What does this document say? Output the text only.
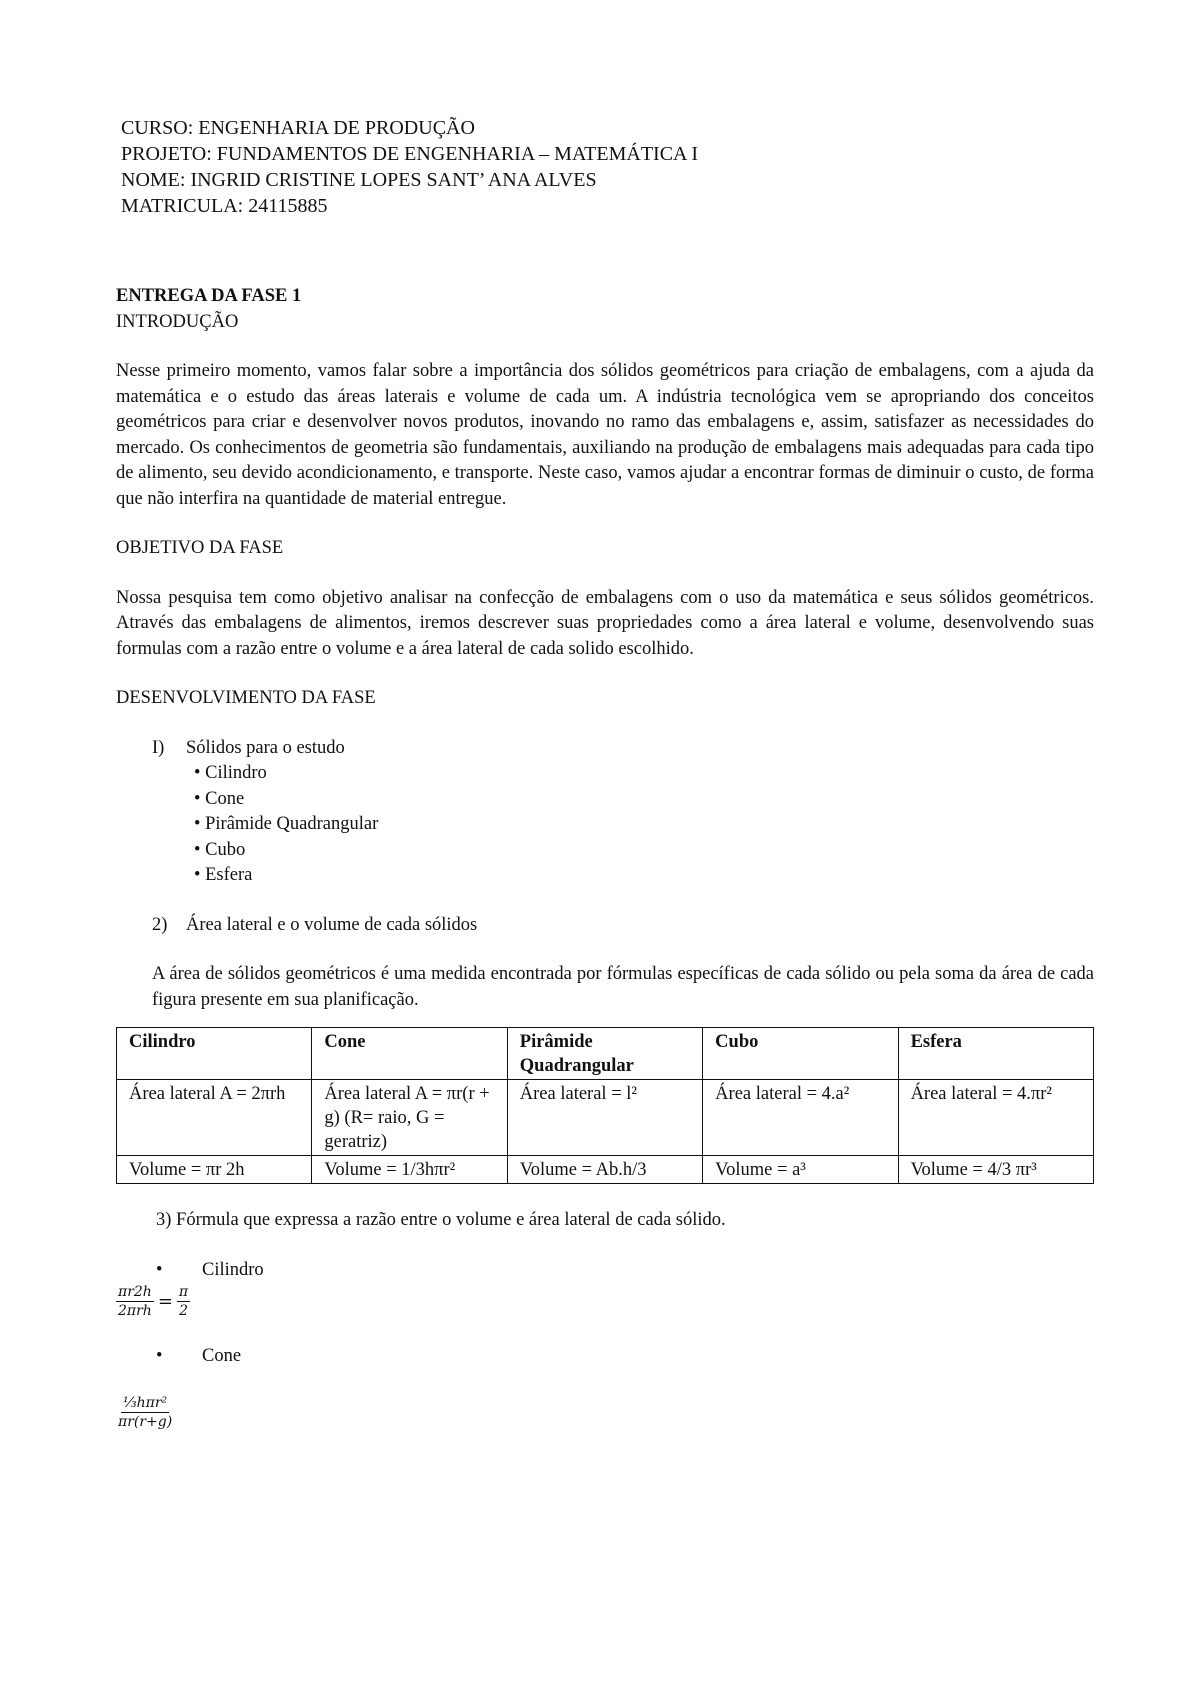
CURSO: ENGENHARIA DE PRODUÇÃO
PROJETO: FUNDAMENTOS DE ENGENHARIA – MATEMÁTICA I
NOME: INGRID CRISTINE LOPES SANT’ ANA ALVES
MATRICULA: 24115885
ENTREGA DA FASE 1
INTRODUÇÃO
Nesse primeiro momento, vamos falar sobre a importância dos sólidos geométricos para criação de embalagens, com a ajuda da matemática e o estudo das áreas laterais e volume de cada um. A indústria tecnológica vem se apropriando dos conceitos geométricos para criar e desenvolver novos produtos, inovando no ramo das embalagens e, assim, satisfazer as necessidades do mercado. Os conhecimentos de geometria são fundamentais, auxiliando na produção de embalagens mais adequadas para cada tipo de alimento, seu devido acondicionamento, e transporte. Neste caso, vamos ajudar a encontrar formas de diminuir o custo, de forma que não interfira na quantidade de material entregue.
OBJETIVO DA FASE
Nossa pesquisa tem como objetivo analisar na confecção de embalagens com o uso da matemática e seus sólidos geométricos. Através das embalagens de alimentos, iremos descrever suas propriedades como a área lateral e volume, desenvolvendo suas formulas com a razão entre o volume e a área lateral de cada solido escolhido.
DESENVOLVIMENTO DA FASE
I)	Sólidos para o estudo
• Cilindro
• Cone
• Pirâmide Quadrangular
• Cubo
• Esfera
2)	Área lateral e o volume de cada sólidos
A área de sólidos geométricos é uma medida encontrada por fórmulas específicas de cada sólido ou pela soma da área de cada figura presente em sua planificação.
Cilindro	Cone	Pirâmide Quadrangular	Cubo	Esfera
Área lateral A = 2πrh	Área lateral A = πr(r + g) (R= raio, G = geratriz)	Área lateral = l²	Área lateral = 4.a²	Área lateral = 4.πr²
Volume = πr 2h	Volume = 1/3hπr²	Volume = Ab.h/3	Volume = a³	Volume = 4/3 πr³
3) Fórmula que expressa a razão entre o volume e área lateral de cada sólido.
• Cilindro
$\frac{\pi r2h}{\text{2πrh}} = \frac{\pi}{2}$
• Cone
$\frac{\text{⅓hπr²}}{\pi r(r+g)}$
